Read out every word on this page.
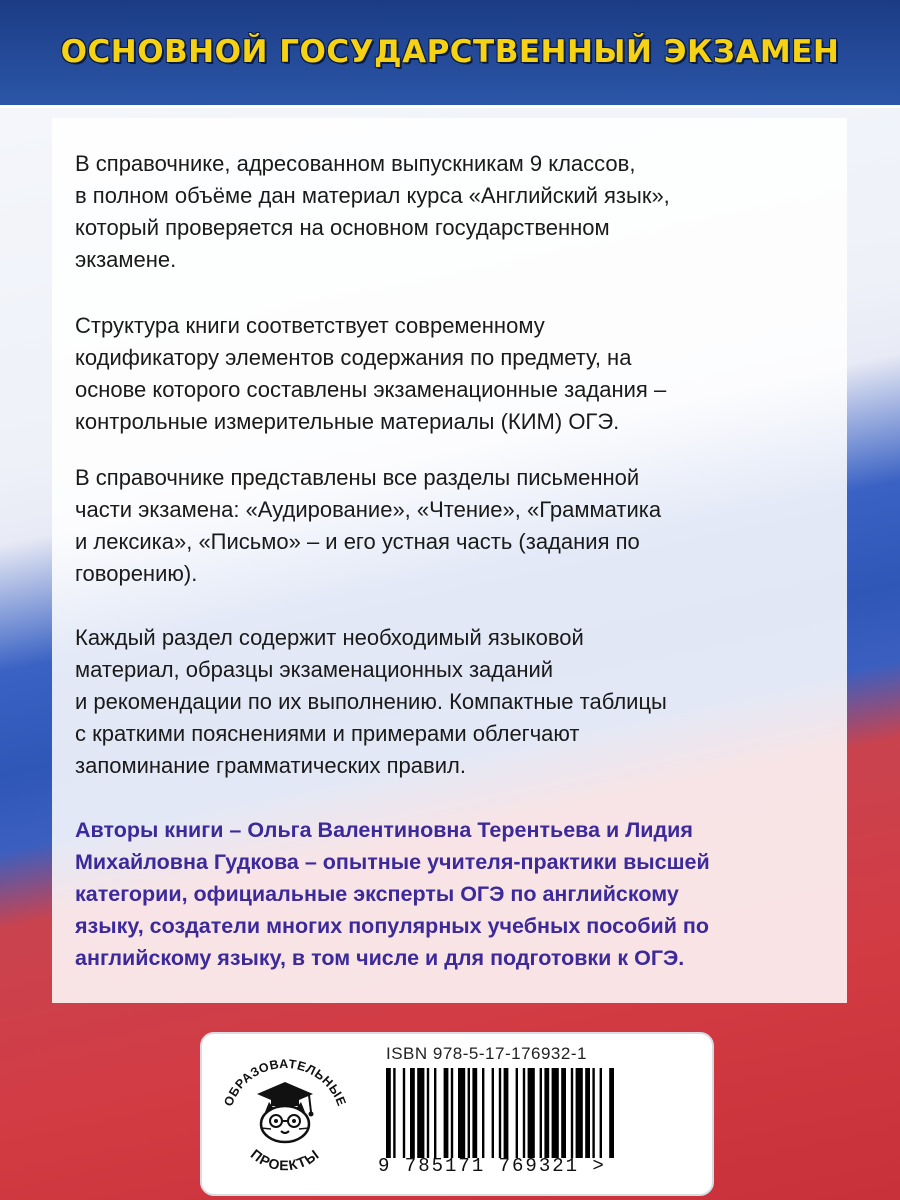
ОСНОВНОЙ ГОСУДАРСТВЕННЫЙ ЭКЗАМЕН

В справочнике, адресованном выпускникам 9 классов,
в полном объёме дан материал курса «Английский язык»,
который проверяется на основном государственном
экзамене.

Структура книги соответствует современному
кодификатору элементов содержания по предмету, на
основе которого составлены экзаменационные задания –
контрольные измерительные материалы (КИМ) ОГЭ.

В справочнике представлены все разделы письменной
части экзамена: «Аудирование», «Чтение», «Грамматика
и лексика», «Письмо» – и его устная часть (задания по
говорению).

Каждый раздел содержит необходимый языковой
материал, образцы экзаменационных заданий
и рекомендации по их выполнению. Компактные таблицы
с краткими пояснениями и примерами облегчают
запоминание грамматических правил.

Авторы книги – Ольга Валентиновна Терентьева и Лидия
Михайловна Гудкова – опытные учителя-практики высшей
категории, официальные эксперты ОГЭ по английскому
языку, создатели многих популярных учебных пособий по
английскому языку, в том числе и для подготовки к ОГЭ.

ОБРАЗОВАТЕЛЬНЫЕ
ПРОЕКТЫ
ISBN 978-5-17-176932-1
9 785171 769321 >
